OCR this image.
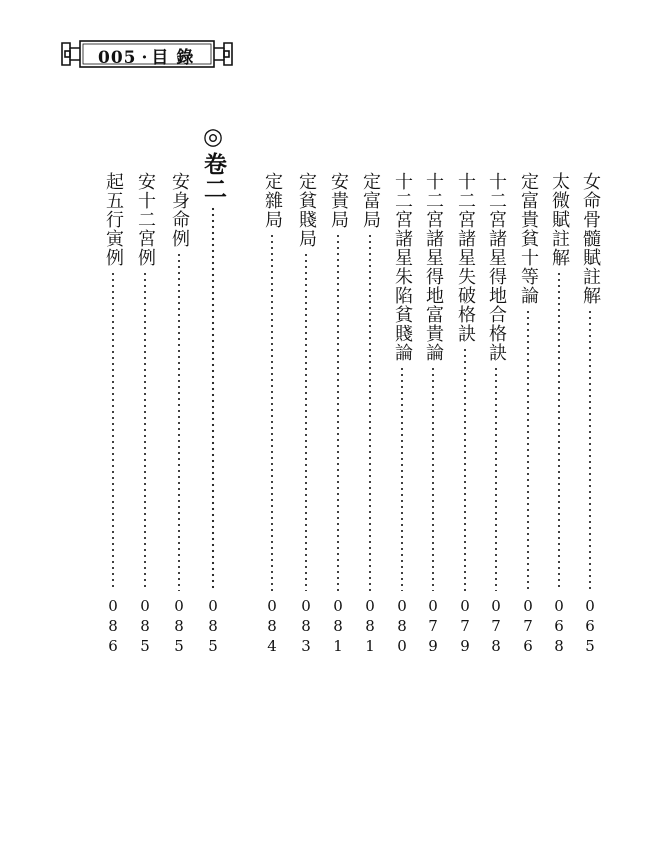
005 · 目 錄
女命骨髓賦註解
065
太微賦註解
068
定富貴貧十等論
076
十二宮諸星得地合格訣
078
十二宮諸星失破格訣
079
十二宮諸星得地富貴論
079
十二宮諸星朱陷貧賤論
080
定富局
081
安貴局
081
定貧賤局
083
定雜局
084
◎卷二
085
安身命例
085
安十二宮例
085
起五行寅例
086
